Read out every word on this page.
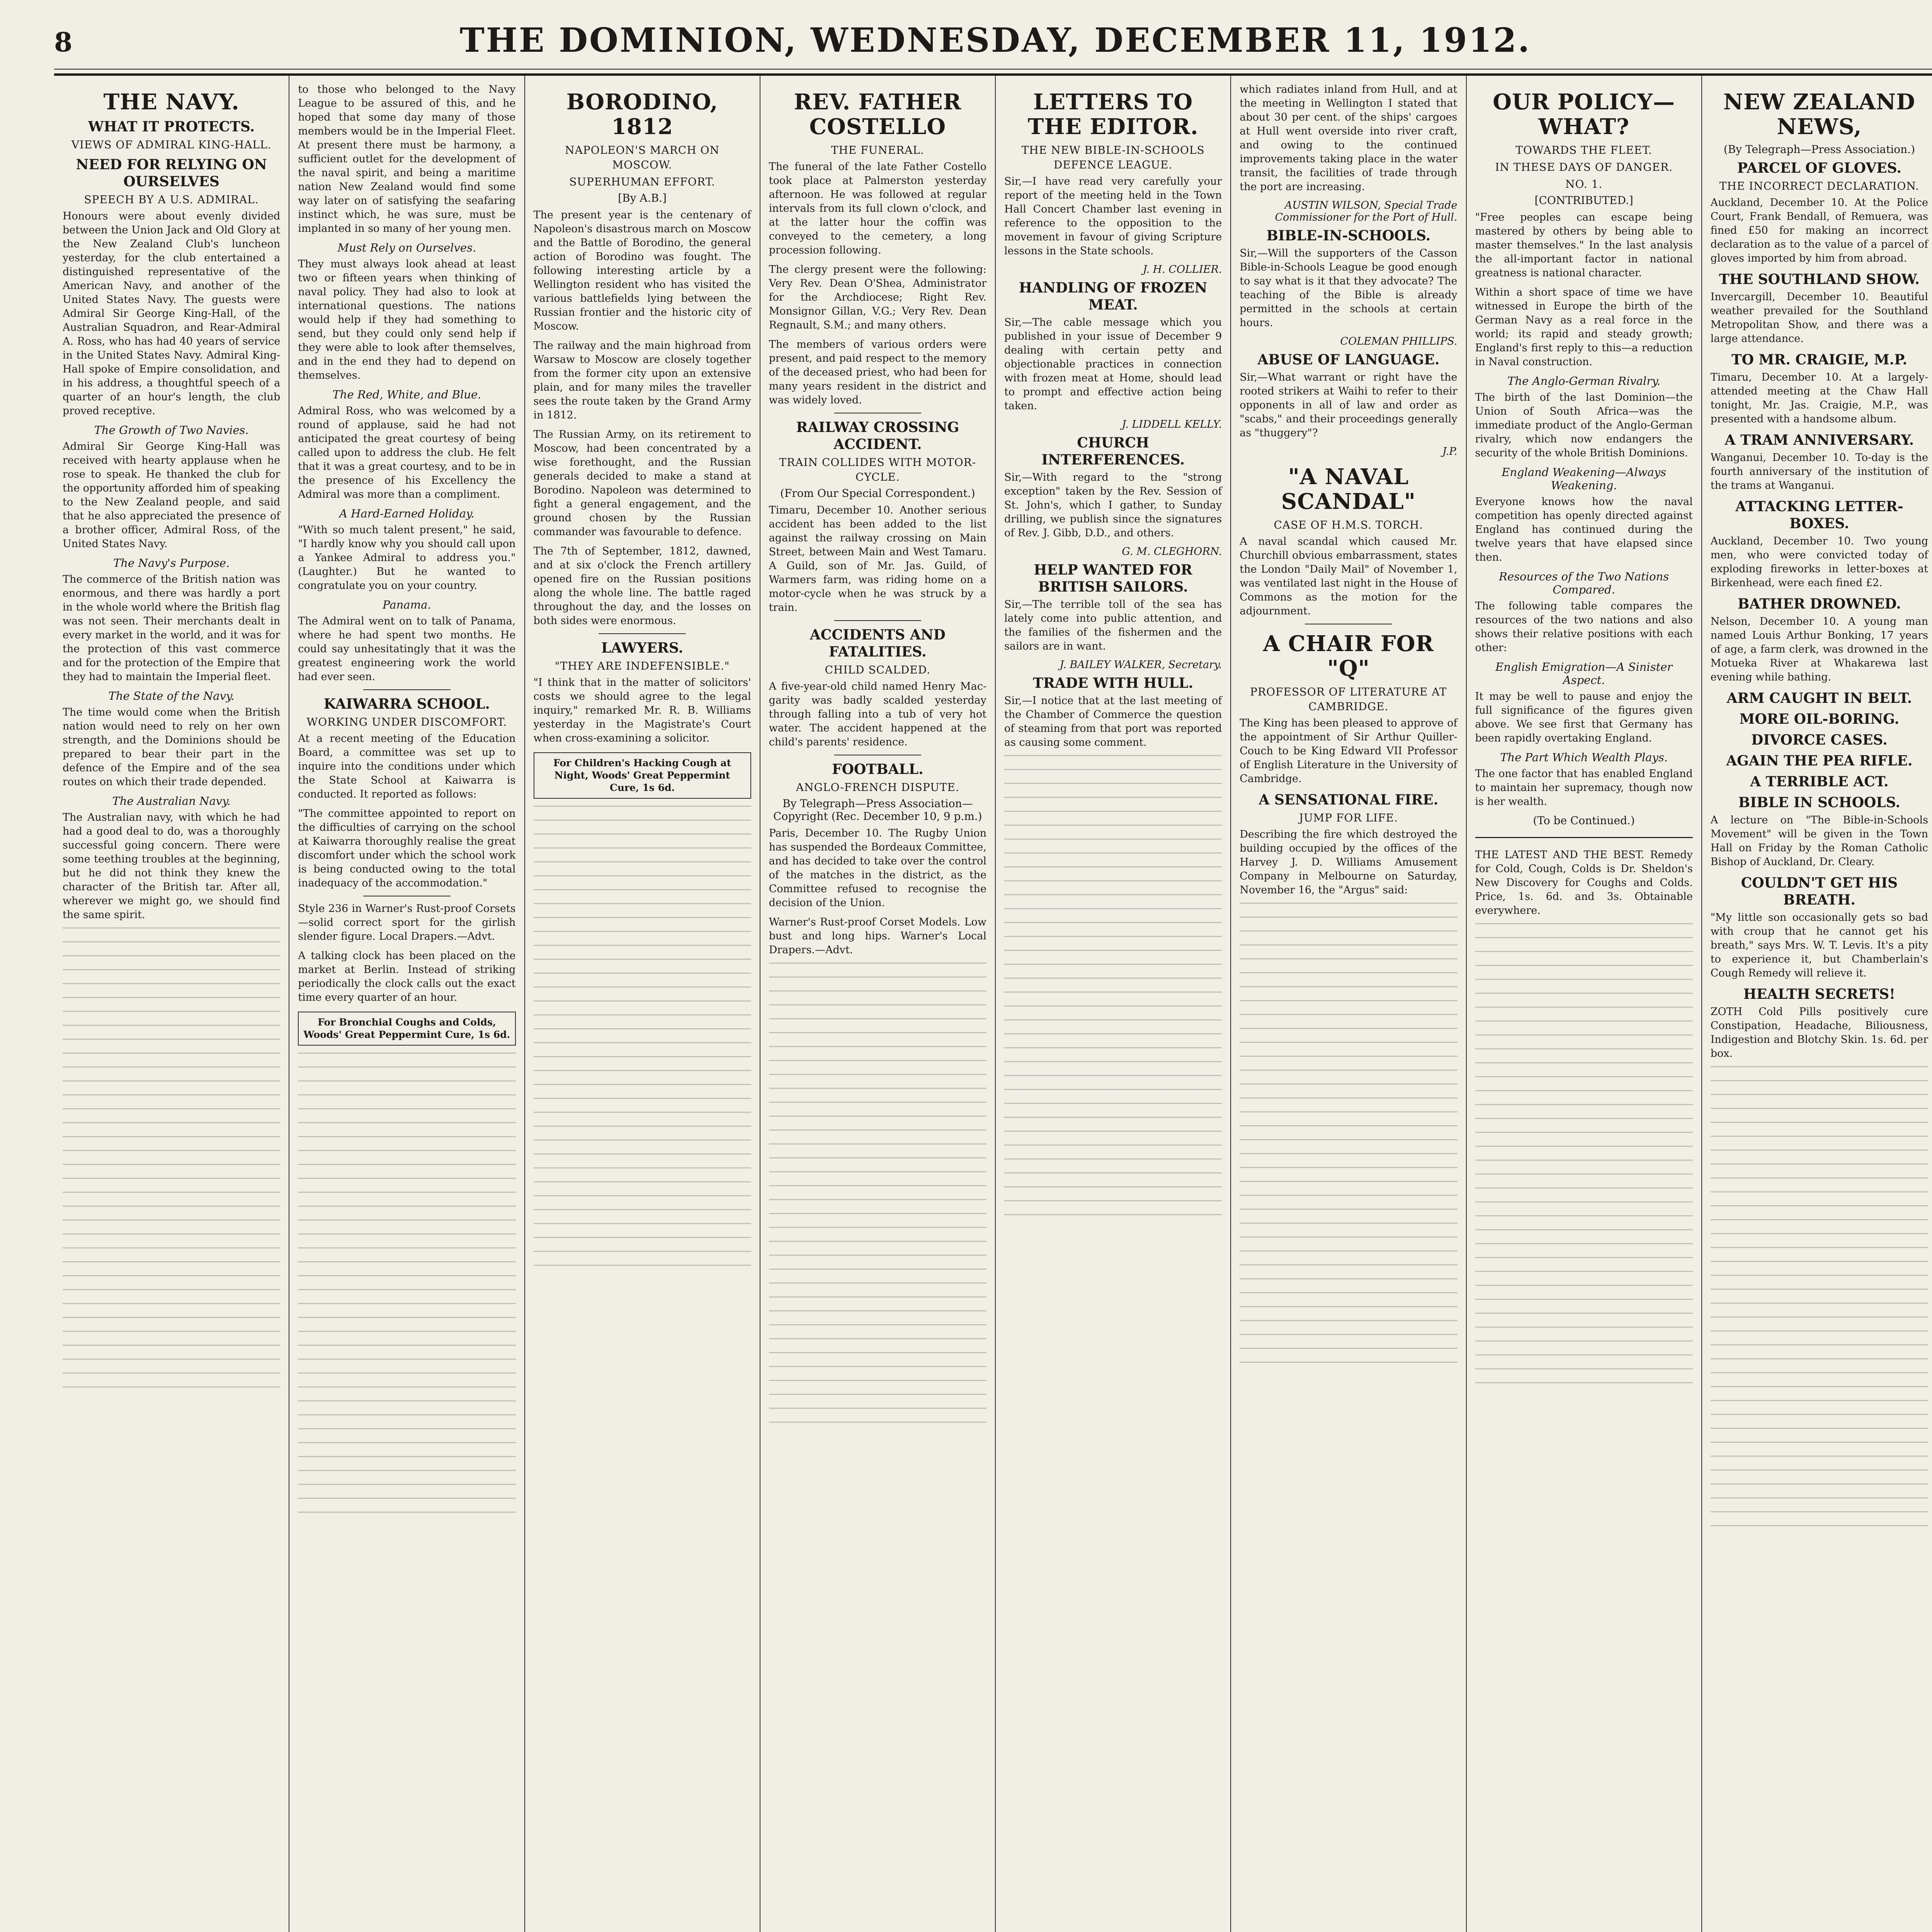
8	THE DOMINION, WEDNESDAY, DECEMBER 11, 1912.
THE NAVY.
WHAT IT PROTECTS.
VIEWS OF ADMIRAL KING-HALL.
NEED FOR RELYING ON OURSELVES
SPEECH BY A U.S. ADMIRAL.

Honours were about evenly divided between the Union Jack and Old Glory at the New Zealand Club's luncheon yesterday, for the club entertained a distinguished representative of the American Navy, and another of the United States Navy. The guests were Admiral Sir George King-Hall, of the Australian Squadron, and Rear-Admiral A. Ross, who has had 40 years of service in the United States Navy. Admiral King-Hall spoke of Empire consolidation, and in his address, a thoughtful speech of a quarter of an hour's length, the club proved receptive.

The Growth of Two Navies.

Admiral Sir George King-Hall was received with hearty applause when he rose to speak. He thanked the club for the opportunity afforded him of speaking to the New Zealand people, and said that he also appreciated the presence of a brother officer, Admiral Ross, of the United States Navy.

The Navy's Purpose.

The commerce of the British nation was enormous, and there was hardly a port in the whole world where the British flag was not seen. Their merchants dealt in every market in the world, and it was for the protection of this vast commerce and for the protection of the Empire that they had to maintain the Imperial fleet.

The State of the Navy.

The time would come when the British nation would need to rely on her own strength, and the Dominions should be prepared to bear their part in the defence of the Empire and of the sea routes on which their trade depended.

The Australian Navy.

The Australian navy, with which he had had a good deal to do, was a thoroughly successful going concern. There were some teething troubles at the beginning, but he did not think they knew the character of the British tar. After all, wherever we might go, we should find the same spirit.

to those who belonged to the Navy League to be assured of this, and he hoped that some day many of those members would be in the Imperial Fleet. At present there must be harmony, a sufficient outlet for the development of the naval spirit, and being a maritime nation New Zealand would find some way later on of satisfying the seafaring instinct which, he was sure, must be implanted in so many of her young men.

Must Rely on Ourselves.

They must always look ahead at least two or fifteen years when thinking of naval policy. They had also to look at international questions. The nations would help if they had something to send, but they could only send help if they were able to look after themselves, and in the end they had to depend on themselves.

The Red, White, and Blue.

Admiral Ross, who was welcomed by a round of applause, said he had not anticipated the great courtesy of being called upon to address the club. He felt that it was a great courtesy, and to be in the presence of his Excellency the Admiral was more than a compliment.

A Hard-Earned Holiday.

"With so much talent present," he said, "I hardly know why you should call upon a Yankee Admiral to address you." (Laughter.) But he wanted to congratulate you on your country.

Panama.

The Admiral went on to talk of Panama, where he had spent two months. He could say unhesitatingly that it was the greatest engineering work the world had ever seen.

KAIWARRA SCHOOL.
WORKING UNDER DISCOMFORT.

At a recent meeting of the Education Board, a committee was set up to inquire into the conditions under which the State School at Kaiwarra is conducted. It reported as follows:

"The committee appointed to report on the difficulties of carrying on the school at Kaiwarra thoroughly realise the great discomfort under which the school work is being conducted owing to the total inadequacy of the accommodation."

Style 236 in Warner's Rust-proof Corsets—solid correct sport for the girlish slender figure. Local Drapers.—Advt.

A talking clock has been placed on the market at Berlin. Instead of striking periodically the clock calls out the exact time every quarter of an hour.

For Bronchial Coughs and Colds, Woods' Great Peppermint Cure, 1s 6d.
BORODINO, 1812
NAPOLEON'S MARCH ON MOSCOW.
SUPERHUMAN EFFORT.
[By A.B.]

The present year is the centenary of Napoleon's disastrous march on Moscow and the Battle of Borodino, the general action of Borodino was fought. The following interesting article by a Wellington resident who has visited the various battlefields lying between the Russian frontier and the historic city of Moscow.

The railway and the main highroad from Warsaw to Moscow are closely together from the former city upon an extensive plain, and for many miles the traveller sees the route taken by the Grand Army in 1812.

The Russian Army, on its retirement to Moscow, had been concentrated by a wise forethought, and the Russian generals decided to make a stand at Borodino. Napoleon was determined to fight a general engagement, and the ground chosen by the Russian commander was favourable to defence.

The 7th of September, 1812, dawned, and at six o'clock the French artillery opened fire on the Russian positions along the whole line. The battle raged throughout the day, and the losses on both sides were enormous.

LAWYERS.
"THEY ARE INDEFENSIBLE."

"I think that in the matter of solicitors' costs we should agree to the legal inquiry," remarked Mr. R. B. Williams yesterday in the Magistrate's Court when cross-examining a solicitor.

For Children's Hacking Cough at Night, Woods' Great Peppermint Cure, 1s 6d.
REV. FATHER COSTELLO
THE FUNERAL.

The funeral of the late Father Costello took place at Palmerston yesterday afternoon. He was followed at regular intervals from its full clown o'clock, and at the latter hour the coffin was conveyed to the cemetery, a long procession following.

The clergy present were the following: Very Rev. Dean O'Shea, Administrator for the Archdiocese; Right Rev. Monsignor Gillan, V.G.; Very Rev. Dean Regnault, S.M.; and many others.

The members of various orders were present, and paid respect to the memory of the deceased priest, who had been for many years resident in the district and was widely loved.

RAILWAY CROSSING ACCIDENT.
TRAIN COLLIDES WITH MOTOR-CYCLE.
(From Our Special Correspondent.)

Timaru, December 10. Another serious accident has been added to the list against the railway crossing on Main Street, between Main and West Tamaru. A Guild, son of Mr. Jas. Guild, of Warmers farm, was riding home on a motor-cycle when he was struck by a train.

ACCIDENTS AND FATALITIES.
CHILD SCALDED.

A five-year-old child named Henry Mac-garity was badly scalded yesterday through falling into a tub of very hot water. The accident happened at the child's parents' residence.

FOOTBALL.
ANGLO-FRENCH DISPUTE.
By Telegraph—Press Association—Copyright (Rec. December 10, 9 p.m.)

Paris, December 10. The Rugby Union has suspended the Bordeaux Committee, and has decided to take over the control of the matches in the district, as the Committee refused to recognise the decision of the Union.

Warner's Rust-proof Corset Models. Low bust and long hips. Warner's Local Drapers.—Advt.

LETTERS TO THE EDITOR.
THE NEW BIBLE-IN-SCHOOLS DEFENCE LEAGUE.

Sir,—I have read very carefully your report of the meeting held in the Town Hall Concert Chamber last evening in reference to the opposition to the movement in favour of giving Scripture lessons in the State schools.

J. H. COLLIER.
HANDLING OF FROZEN MEAT.

Sir,—The cable message which you published in your issue of December 9 dealing with certain petty and objectionable practices in connection with frozen meat at Home, should lead to prompt and effective action being taken.

J. LIDDELL KELLY.
CHURCH INTERFERENCES.

Sir,—With regard to the "strong exception" taken by the Rev. Session of St. John's, which I gather, to Sunday drilling, we publish since the signatures of Rev. J. Gibb, D.D., and others.

G. M. CLEGHORN.
HELP WANTED FOR BRITISH SAILORS.

Sir,—The terrible toll of the sea has lately come into public attention, and the families of the fishermen and the sailors are in want.

J. BAILEY WALKER, Secretary.
TRADE WITH HULL.

Sir,—I notice that at the last meeting of the Chamber of Commerce the question of steaming from that port was reported as causing some comment.

which radiates inland from Hull, and at the meeting in Wellington I stated that about 30 per cent. of the ships' cargoes at Hull went overside into river craft, and owing to the continued improvements taking place in the water transit, the facilities of trade through the port are increasing.

AUSTIN WILSON, Special Trade Commissioner for the Port of Hull.
BIBLE-IN-SCHOOLS.

Sir,—Will the supporters of the Casson Bible-in-Schools League be good enough to say what is it that they advocate? The teaching of the Bible is already permitted in the schools at certain hours.

COLEMAN PHILLIPS.
ABUSE OF LANGUAGE.

Sir,—What warrant or right have the rooted strikers at Waihi to refer to their opponents in all of law and order as "scabs," and their proceedings generally as "thuggery"?

J.P.
"A NAVAL SCANDAL"
CASE OF H.M.S. TORCH.

A naval scandal which caused Mr. Churchill obvious embarrassment, states the London "Daily Mail" of November 1, was ventilated last night in the House of Commons as the motion for the adjournment.

A CHAIR FOR "Q"
PROFESSOR OF LITERATURE AT CAMBRIDGE.

The King has been pleased to approve of the appointment of Sir Arthur Quiller-Couch to be King Edward VII Professor of English Literature in the University of Cambridge.

A SENSATIONAL FIRE.
JUMP FOR LIFE.

Describing the fire which destroyed the building occupied by the offices of the Harvey J. D. Williams Amusement Company in Melbourne on Saturday, November 16, the "Argus" said:

OUR POLICY—WHAT?
TOWARDS THE FLEET.
IN THESE DAYS OF DANGER.
NO. 1.
[CONTRIBUTED.]

"Free peoples can escape being mastered by others by being able to master themselves." In the last analysis the all-important factor in national greatness is national character.

Within a short space of time we have witnessed in Europe the birth of the German Navy as a real force in the world; its rapid and steady growth; England's first reply to this—a reduction in Naval construction.

The Anglo-German Rivalry.

The birth of the last Dominion—the Union of South Africa—was the immediate product of the Anglo-German rivalry, which now endangers the security of the whole British Dominions.

England Weakening—Always Weakening.

Everyone knows how the naval competition has openly directed against England has continued during the twelve years that have elapsed since then.

Resources of the Two Nations Compared.

The following table compares the resources of the two nations and also shows their relative positions with each other:

English Emigration—A Sinister Aspect.

It may be well to pause and enjoy the full significance of the figures given above. We see first that Germany has been rapidly overtaking England.

The Part Which Wealth Plays.

The one factor that has enabled England to maintain her supremacy, though now is her wealth.

(To be Continued.)

THE LATEST AND THE BEST. Remedy for Cold, Cough, Colds is Dr. Sheldon's New Discovery for Coughs and Colds. Price, 1s. 6d. and 3s. Obtainable everywhere.

NEW ZEALAND NEWS,
(By Telegraph—Press Association.)
PARCEL OF GLOVES.
THE INCORRECT DECLARATION.

Auckland, December 10. At the Police Court, Frank Bendall, of Remuera, was fined £50 for making an incorrect declaration as to the value of a parcel of gloves imported by him from abroad.

THE SOUTHLAND SHOW.

Invercargill, December 10. Beautiful weather prevailed for the Southland Metropolitan Show, and there was a large attendance.

TO MR. CRAIGIE, M.P.

Timaru, December 10. At a largely-attended meeting at the Chaw Hall tonight, Mr. Jas. Craigie, M.P., was presented with a handsome album.

A TRAM ANNIVERSARY.

Wanganui, December 10. To-day is the fourth anniversary of the institution of the trams at Wanganui.

ATTACKING LETTER-BOXES.

Auckland, December 10. Two young men, who were convicted today of exploding fireworks in letter-boxes at Birkenhead, were each fined £2.

BATHER DROWNED.

Nelson, December 10. A young man named Louis Arthur Bonking, 17 years of age, a farm clerk, was drowned in the Motueka River at Whakarewa last evening while bathing.

ARM CAUGHT IN BELT.
MORE OIL-BORING.
DIVORCE CASES.
AGAIN THE PEA RIFLE.
A TERRIBLE ACT.
BIBLE IN SCHOOLS.

A lecture on "The Bible-in-Schools Movement" will be given in the Town Hall on Friday by the Roman Catholic Bishop of Auckland, Dr. Cleary.

COULDN'T GET HIS BREATH.

"My little son occasionally gets so bad with croup that he cannot get his breath," says Mrs. W. T. Levis. It's a pity to experience it, but Chamberlain's Cough Remedy will relieve it.

HEALTH SECRETS!

ZOTH Cold Pills positively cure Constipation, Headache, Biliousness, Indigestion and Blotchy Skin. 1s. 6d. per box.
